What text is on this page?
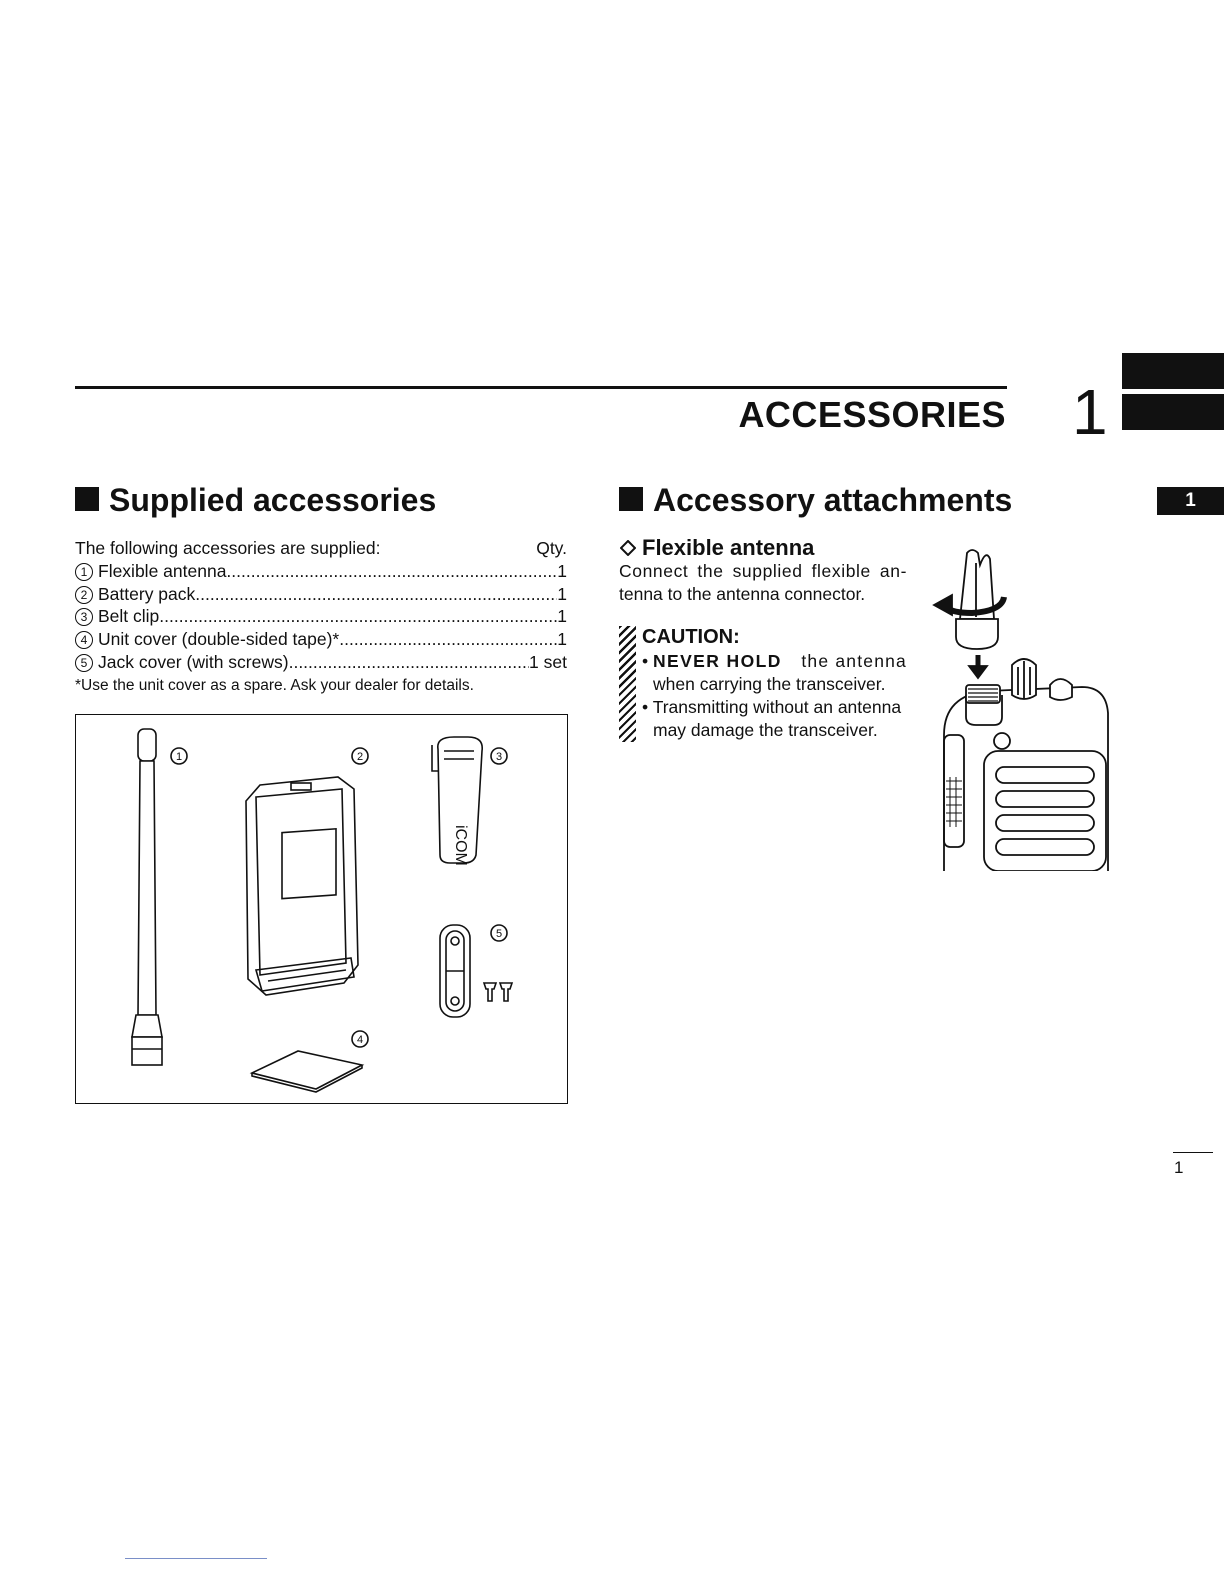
ACCESSORIES 1
1
Supplied accessories
The following accessories are supplied:	Qty.
1 Flexible antenna .....	1
2 Battery pack .....	1
3 Belt clip .....	1
4 Unit cover (double-sided tape)* .....	1
5 Jack cover (with screws) .....	1 set
*Use the unit cover as a spare. Ask your dealer for details.
iCOM
1	2	3
4
5
Accessory attachments
Flexible antenna
Connect the supplied flexible an-
tenna to the antenna connector.
CAUTION:
• NEVER HOLD the antenna
when carrying the transceiver.
• Transmitting without an antenna
may damage the transceiver.
1
